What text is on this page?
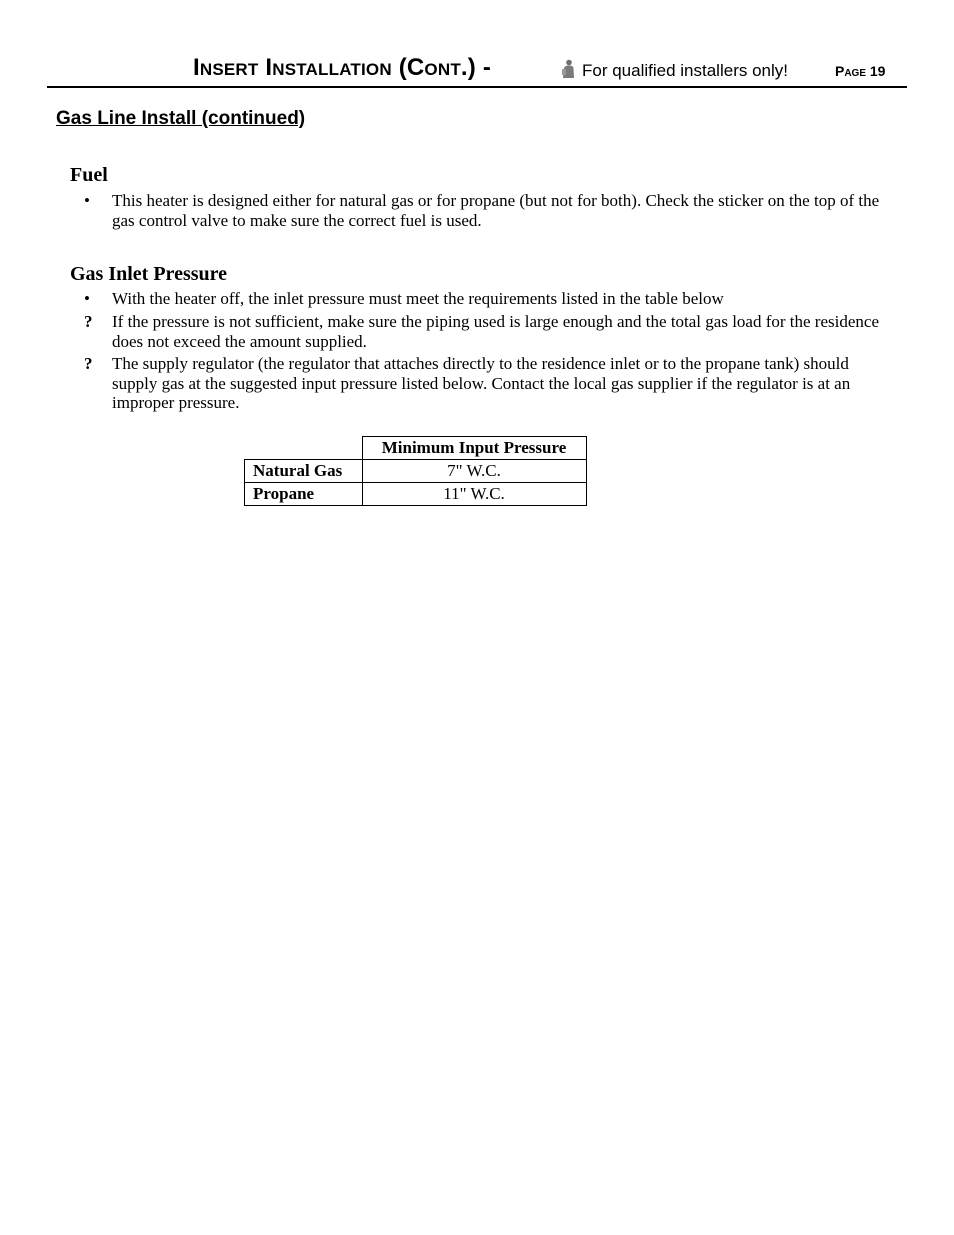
Insert Installation (Cont.) -	For qualified installers only!	Page 19
Gas Line Install (continued)
Fuel
• This heater is designed either for natural gas or for propane (but not for both). Check the sticker on the top of the gas control valve to make sure the correct fuel is used.
Gas Inlet Pressure
• With the heater off, the inlet pressure must meet the requirements listed in the table below
? If the pressure is not sufficient, make sure the piping used is large enough and the total gas load for the residence does not exceed the amount supplied.
? The supply regulator (the regulator that attaches directly to the residence inlet or to the propane tank) should supply gas at the suggested input pressure listed below. Contact the local gas supplier if the regulator is at an improper pressure.
	Minimum Input Pressure
Natural Gas	7" W.C.
Propane	11" W.C.
